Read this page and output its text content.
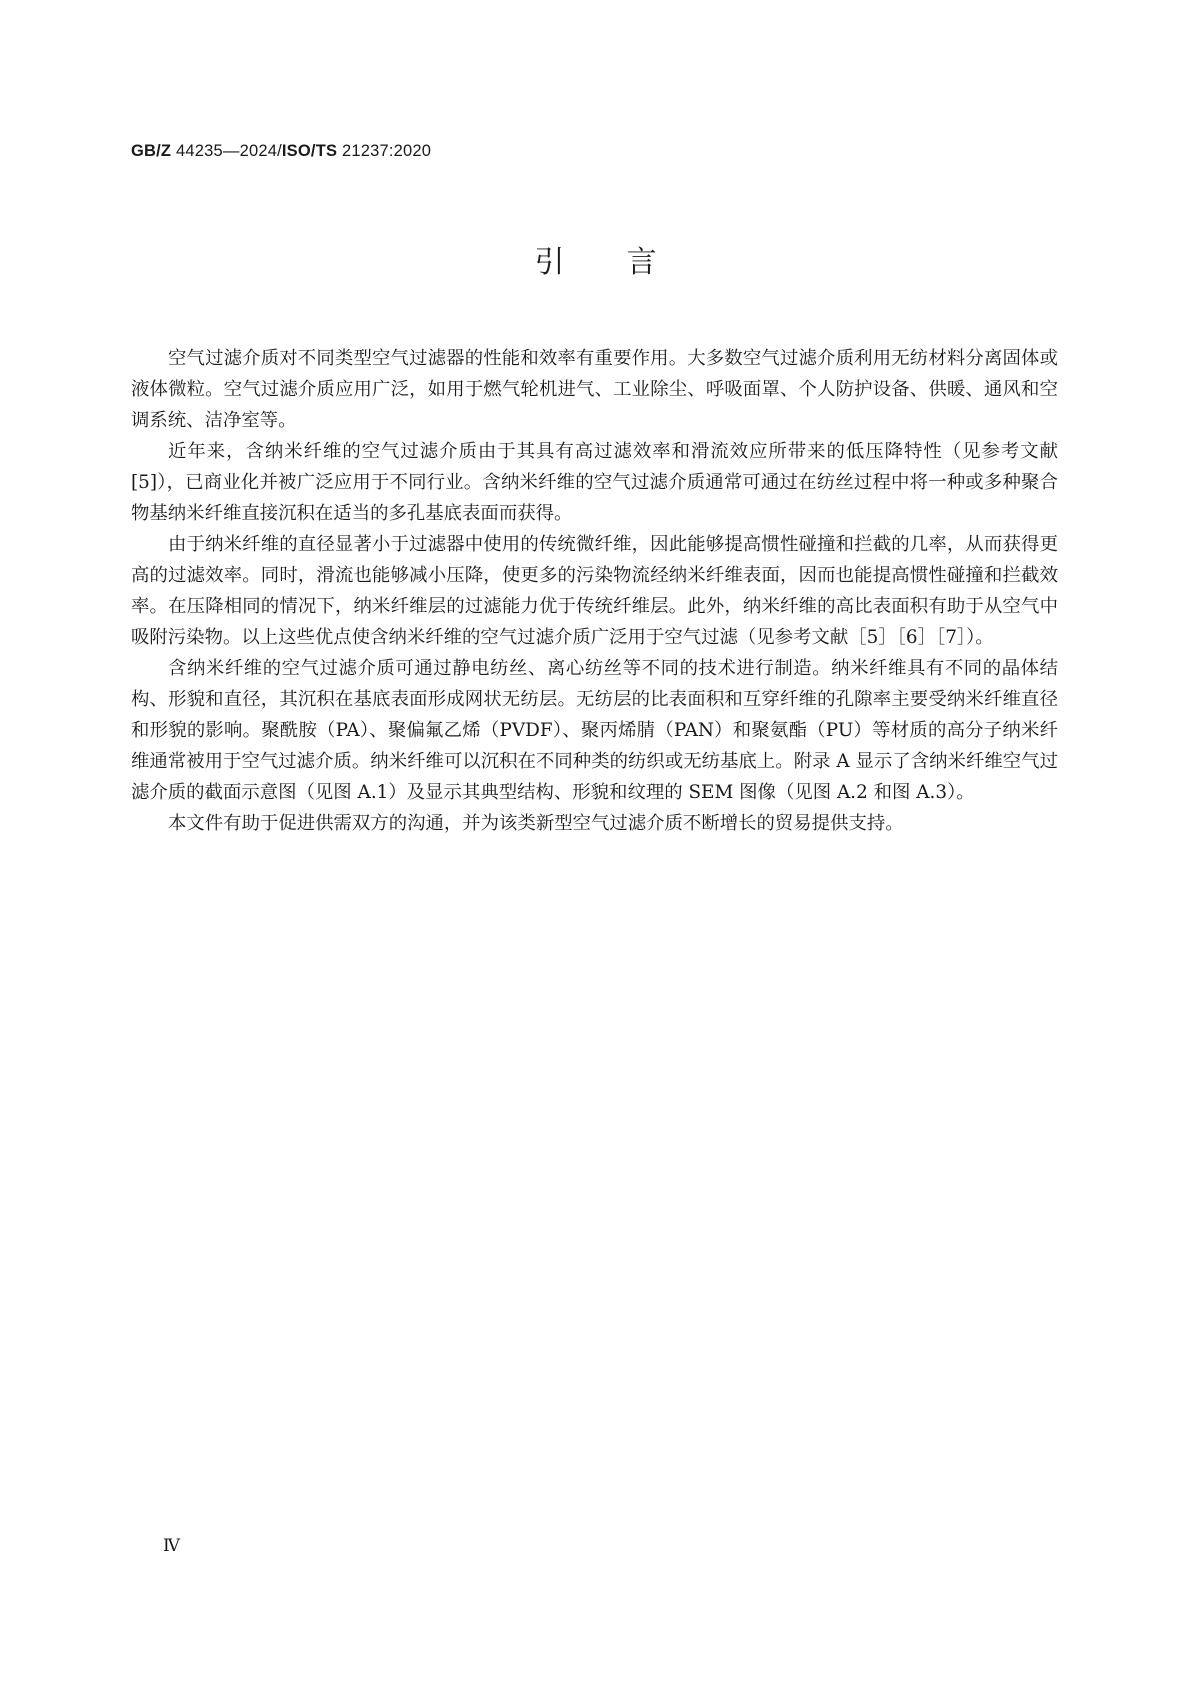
GB/Z 44235—2024/ISO/TS 21237:2020
引言

空气过滤介质对不同类型空气过滤器的性能和效率有重要作用。大多数空气过滤介质利用无纺材料分离固体或液体微粒。空气过滤介质应用广泛，如用于燃气轮机进气、工业除尘、呼吸面罩、个人防护设备、供暖、通风和空调系统、洁净室等。

近年来，含纳米纤维的空气过滤介质由于其具有高过滤效率和滑流效应所带来的低压降特性（见参考文献[5]），已商业化并被广泛应用于不同行业。含纳米纤维的空气过滤介质通常可通过在纺丝过程中将一种或多种聚合物基纳米纤维直接沉积在适当的多孔基底表面而获得。

由于纳米纤维的直径显著小于过滤器中使用的传统微纤维，因此能够提高惯性碰撞和拦截的几率，从而获得更高的过滤效率。同时，滑流也能够减小压降，使更多的污染物流经纳米纤维表面，因而也能提高惯性碰撞和拦截效率。在压降相同的情况下，纳米纤维层的过滤能力优于传统纤维层。此外，纳米纤维的高比表面积有助于从空气中吸附污染物。以上这些优点使含纳米纤维的空气过滤介质广泛用于空气过滤（见参考文献［5］［6］［7］）。

含纳米纤维的空气过滤介质可通过静电纺丝、离心纺丝等不同的技术进行制造。纳米纤维具有不同的晶体结构、形貌和直径，其沉积在基底表面形成网状无纺层。无纺层的比表面积和互穿纤维的孔隙率主要受纳米纤维直径和形貌的影响。聚酰胺（PA）、聚偏氟乙烯（PVDF）、聚丙烯腈（PAN）和聚氨酯（PU）等材质的高分子纳米纤维通常被用于空气过滤介质。纳米纤维可以沉积在不同种类的纺织或无纺基底上。附录 A 显示了含纳米纤维空气过滤介质的截面示意图（见图 A.1）及显示其典型结构、形貌和纹理的 SEM 图像（见图 A.2 和图 A.3）。

本文件有助于促进供需双方的沟通，并为该类新型空气过滤介质不断增长的贸易提供支持。

Ⅳ
